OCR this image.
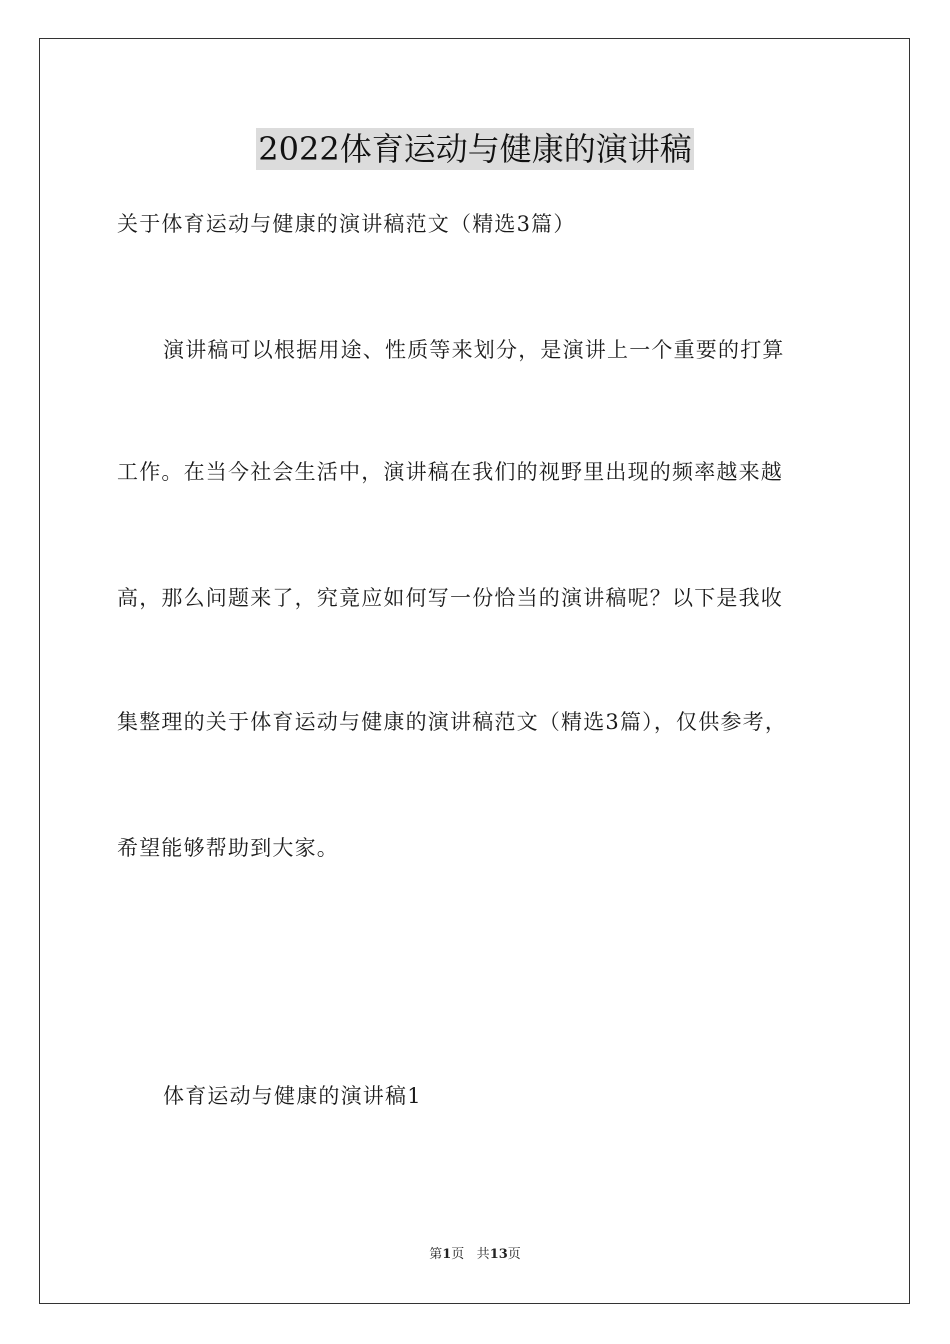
2022体育运动与健康的演讲稿
关于体育运动与健康的演讲稿范文（精选3篇）
演讲稿可以根据用途、性质等来划分，是演讲上一个重要的打算
工作。在当今社会生活中，演讲稿在我们的视野里出现的频率越来越
高，那么问题来了，究竟应如何写一份恰当的演讲稿呢？以下是我收
集整理的关于体育运动与健康的演讲稿范文（精选3篇），仅供参考，
希望能够帮助到大家。
体育运动与健康的演讲稿1
第1页 共13页
